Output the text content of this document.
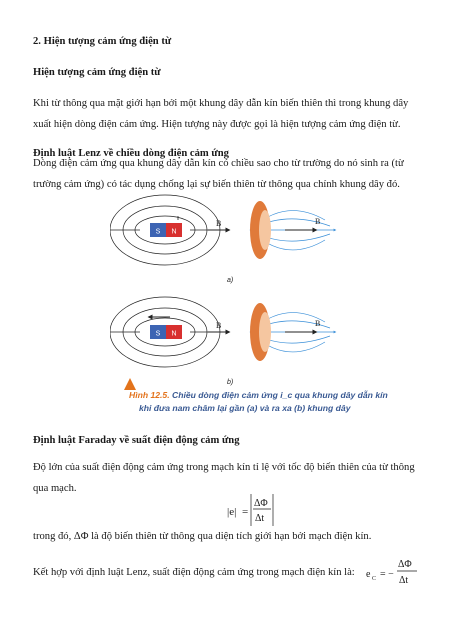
2. Hiện tượng cảm ứng điện từ
Hiện tượng cảm ứng điện từ
Khi từ thông qua mặt giới hạn bởi một khung dây dẫn kín biến thiên thì trong khung dây
xuất hiện dòng điện cảm ứng. Hiện tượng này được gọi là hiện tượng cảm ứng điện từ.
Định luật Lenz về chiều dòng điện cảm ứng
Dòng điện cảm ứng qua khung dây dẫn kín có chiều sao cho từ trường do nó sinh ra (từ
trường cảm ứng) có tác dụng chống lại sự biến thiên từ thông qua chính khung dây đó.
S N
B	B
a)
S N
B	B
b)
Hình 12.5. Chiều dòng điện cảm ứng i_c qua khung dây dẫn kín
khi đưa nam châm lại gần (a) và ra xa (b) khung dây
Định luật Faraday về suất điện động cảm ứng
Độ lớn của suất điện động cảm ứng trong mạch kín tỉ lệ với tốc độ biến thiên của từ thông
qua mạch.
|e| =
ΔΦ
Δt
trong đó, ΔΦ là độ biến thiên từ thông qua diện tích giới hạn bởi mạch điện kín.
Kết hợp với định luật Lenz, suất điện động cảm ứng trong mạch điện kín là: e C = −
ΔΦ
Δt
